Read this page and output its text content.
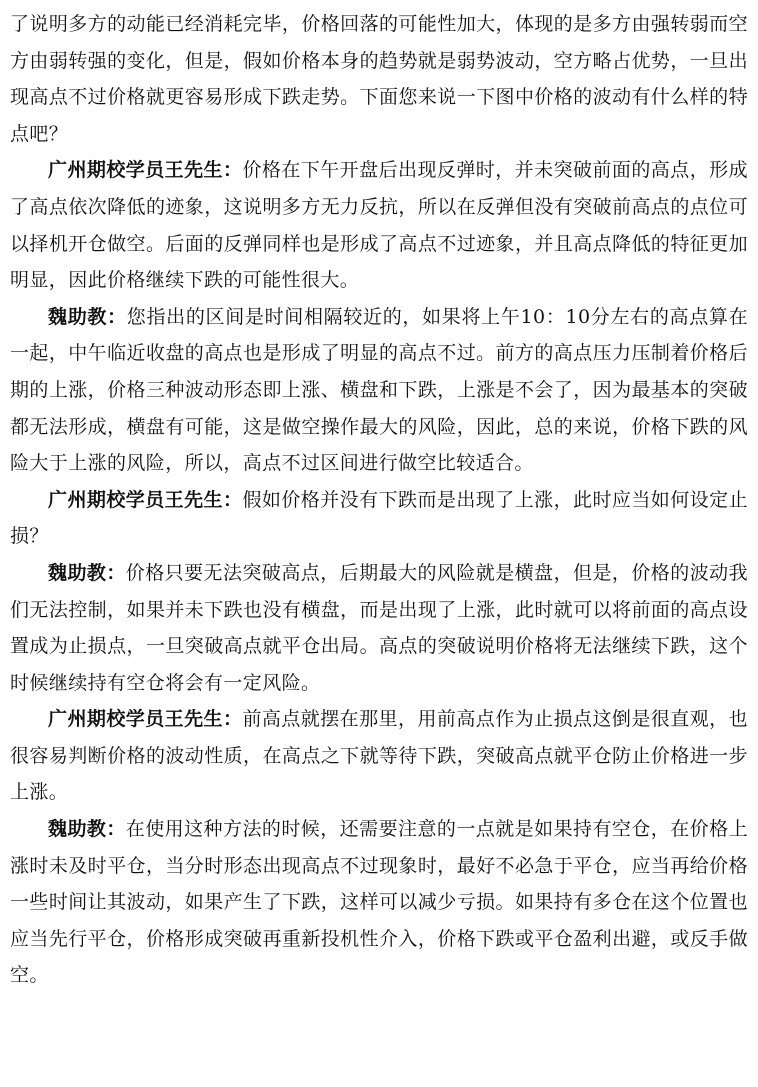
了说明多方的动能已经消耗完毕，价格回落的可能性加大，体现的是多方由强转弱而空方由弱转强的变化，但是，假如价格本身的趋势就是弱势波动，空方略占优势，一旦出现高点不过价格就更容易形成下跌走势。下面您来说一下图中价格的波动有什么样的特点吧？

广州期校学员王先生：价格在下午开盘后出现反弹时，并未突破前面的高点，形成了高点依次降低的迹象，这说明多方无力反抗，所以在反弹但没有突破前高点的点位可以择机开仓做空。后面的反弹同样也是形成了高点不过迹象，并且高点降低的特征更加明显，因此价格继续下跌的可能性很大。

魏助教：您指出的区间是时间相隔较近的，如果将上午10：10分左右的高点算在一起，中午临近收盘的高点也是形成了明显的高点不过。前方的高点压力压制着价格后期的上涨，价格三种波动形态即上涨、横盘和下跌，上涨是不会了，因为最基本的突破都无法形成，横盘有可能，这是做空操作最大的风险，因此，总的来说，价格下跌的风险大于上涨的风险，所以，高点不过区间进行做空比较适合。

广州期校学员王先生：假如价格并没有下跌而是出现了上涨，此时应当如何设定止损？

魏助教：价格只要无法突破高点，后期最大的风险就是横盘，但是，价格的波动我们无法控制，如果并未下跌也没有横盘，而是出现了上涨，此时就可以将前面的高点设置成为止损点，一旦突破高点就平仓出局。高点的突破说明价格将无法继续下跌，这个时候继续持有空仓将会有一定风险。

广州期校学员王先生：前高点就摆在那里，用前高点作为止损点这倒是很直观，也很容易判断价格的波动性质，在高点之下就等待下跌，突破高点就平仓防止价格进一步上涨。

魏助教：在使用这种方法的时候，还需要注意的一点就是如果持有空仓，在价格上涨时未及时平仓，当分时形态出现高点不过现象时，最好不必急于平仓，应当再给价格一些时间让其波动，如果产生了下跌，这样可以减少亏损。如果持有多仓在这个位置也应当先行平仓，价格形成突破再重新投机性介入，价格下跌或平仓盈利出避，或反手做空。
